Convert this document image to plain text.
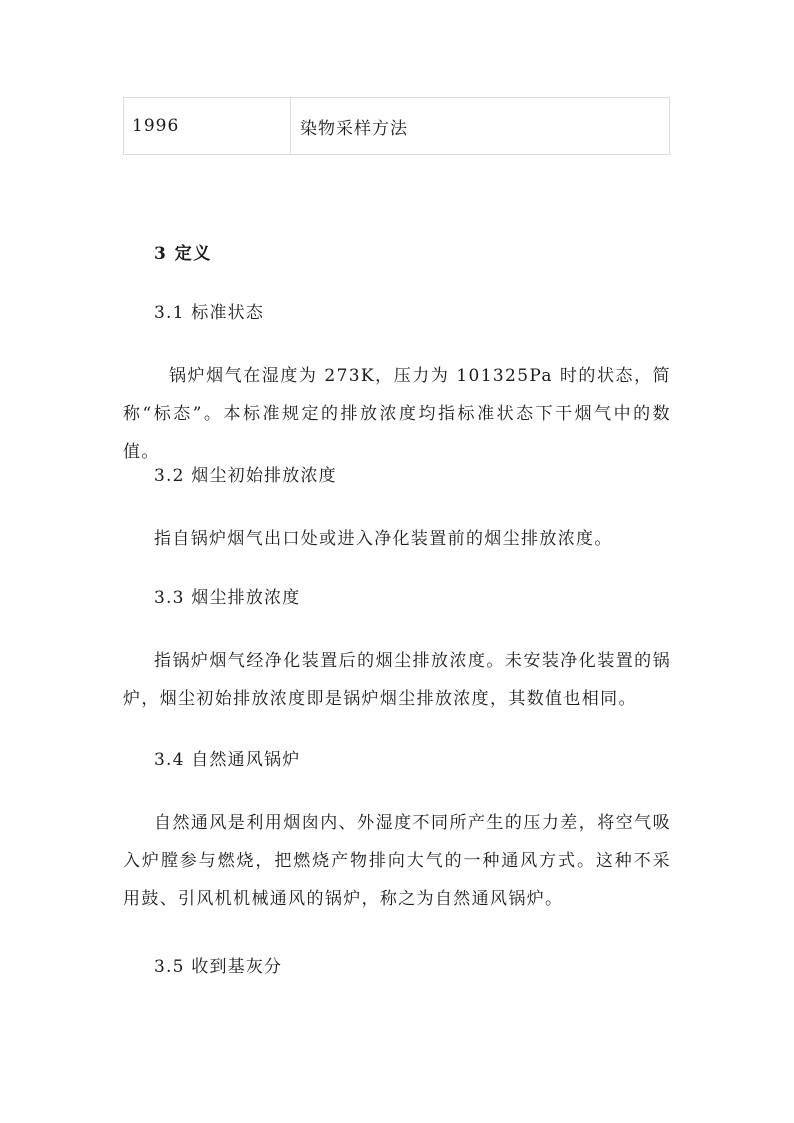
1996	染物采样方法
3 定义
3.1 标准状态
锅炉烟气在湿度为 273K，压力为 101325Pa 时的状态，简称“标态”。本标准规定的排放浓度均指标准状态下干烟气中的数值。
3.2 烟尘初始排放浓度
指自锅炉烟气出口处或进入净化装置前的烟尘排放浓度。
3.3 烟尘排放浓度
指锅炉烟气经净化装置后的烟尘排放浓度。未安装净化装置的锅炉，烟尘初始排放浓度即是锅炉烟尘排放浓度，其数值也相同。
3.4 自然通风锅炉
自然通风是利用烟囱内、外湿度不同所产生的压力差，将空气吸入炉膛参与燃烧，把燃烧产物排向大气的一种通风方式。这种不采用鼓、引风机机械通风的锅炉，称之为自然通风锅炉。
3.5 收到基灰分
